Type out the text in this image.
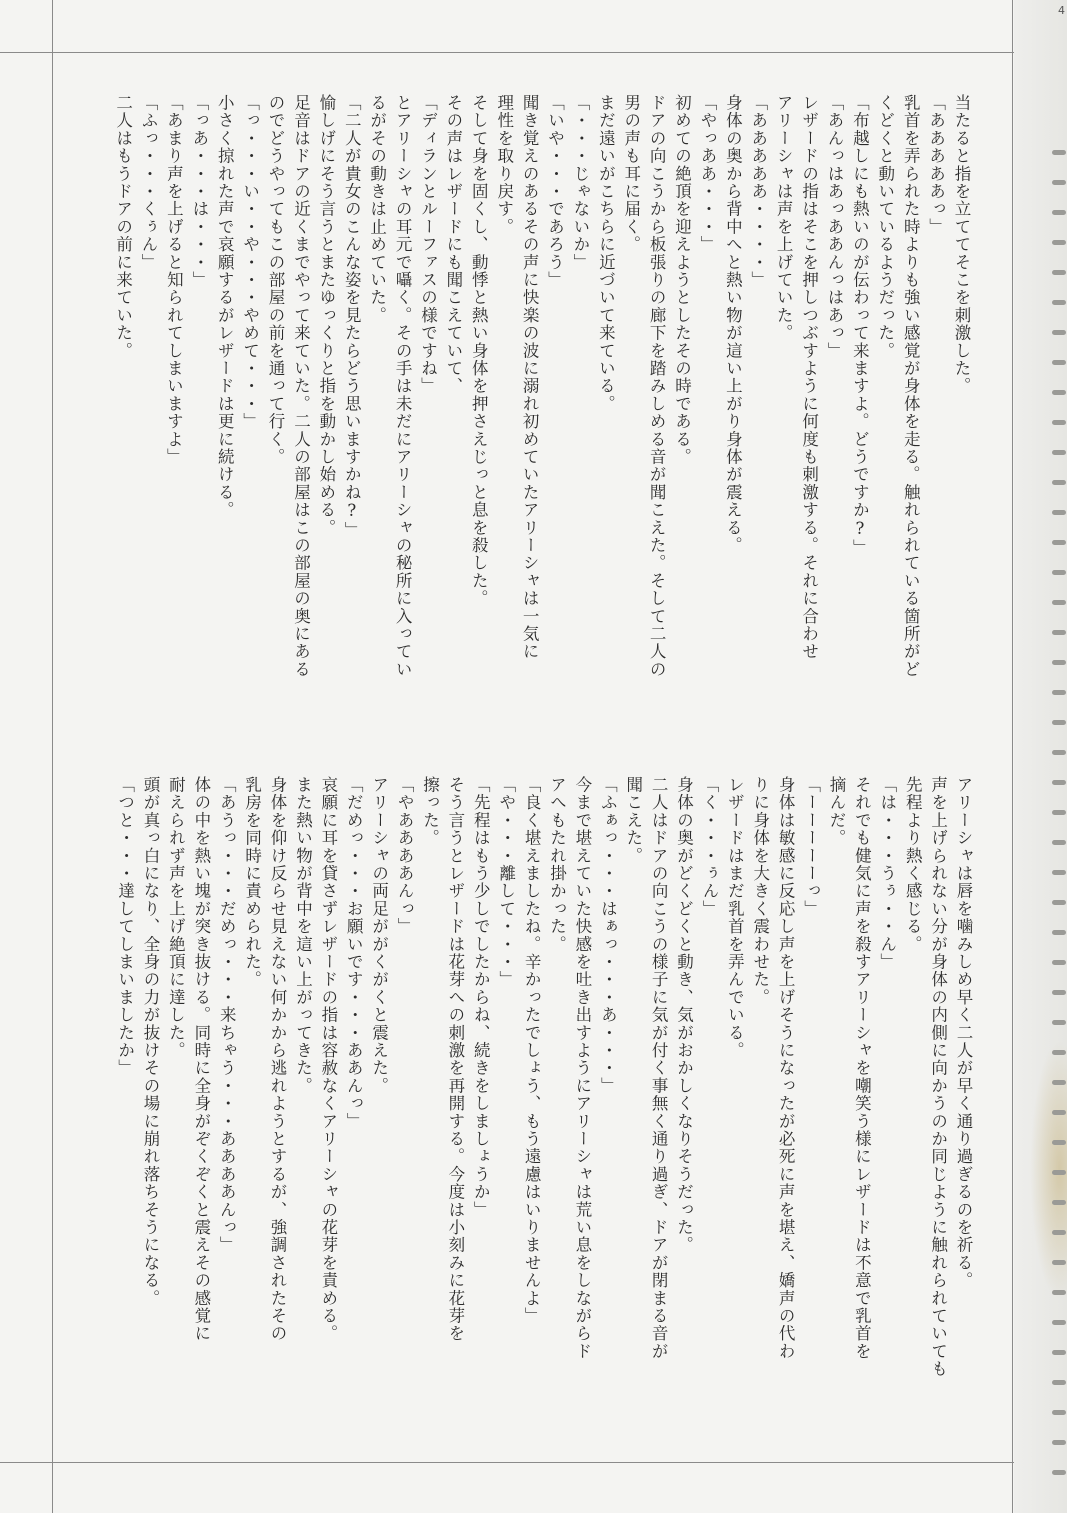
4
当たると指を立ててそこを刺激した。
「あああああっ」
乳首を弄られた時よりも強い感覚が身体を走る。触れられている箇所がど
くどくと動いているようだった。
「布越しにも熱いのが伝わって来ますよ。どうですか?」
「あんっはあっああんっはあっ」
レザードの指はそこを押しつぶすように何度も刺激する。それに合わせ
アリーシャは声を上げていた。
「あああああ・・・・」
身体の奥から背中へと熱い物が這い上がり身体が震える。
「やっああ・・・」
初めての絶頂を迎えようとしたその時である。
ドアの向こうから板張りの廊下を踏みしめる音が聞こえた。そして二人の
男の声も耳に届く。
まだ遠いがこちらに近づいて来ている。
「・・・じゃないか」
「いや・・・であろう」
聞き覚えのあるその声に快楽の波に溺れ初めていたアリーシャは一気に
理性を取り戻す。
そして身を固くし、動悸と熱い身体を押さえじっと息を殺した。
その声はレザードにも聞こえていて、
「ディランとルーファスの様ですね」
とアリーシャの耳元で囁く。その手は未だにアリーシャの秘所に入ってい
るがその動きは止めていた。
「二人が貴女のこんな姿を見たらどう思いますかね?」
愉しげにそう言うとまたゆっくりと指を動かし始める。
足音はドアの近くまでやって来ていた。二人の部屋はこの部屋の奥にある
のでどうやってもこの部屋の前を通って行く。
「っ・・・い・・や・・・やめて・・・」
小さく掠れた声で哀願するがレザードは更に続ける。
「っあ・・・は・・・」
「あまり声を上げると知られてしまいますよ」
「ふっ・・・くぅん」
二人はもうドアの前に来ていた。
アリーシャは唇を噛みしめ早く二人が早く通り過ぎるのを祈る。
声を上げられない分が身体の内側に向かうのか同じように触れられていても
先程より熱く感じる。
「は・・・うぅ・・ん」
それでも健気に声を殺すアリーシャを嘲笑う様にレザードは不意で乳首を
摘んだ。
「ーーーーーっ」
身体は敏感に反応し声を上げそうになったが必死に声を堪え、嬌声の代わ
りに身体を大きく震わせた。
レザードはまだ乳首を弄んでいる。
「く・・・ぅん」
身体の奥がどくどくと動き、気がおかしくなりそうだった。
二人はドアの向こうの様子に気が付く事無く通り過ぎ、ドアが閉まる音が
聞こえた。
「ふぁっ・・・はぁっ・・・あ・・・」
今まで堪えていた快感を吐き出すようにアリーシャは荒い息をしながらド
アへもたれ掛かった。
「良く堪えましたね。辛かったでしょう、もう遠慮はいりませんよ」
「や・・・離して・・・」
「先程はもう少しでしたからね、続きをしましょうか」
そう言うとレザードは花芽への刺激を再開する。今度は小刻みに花芽を
擦った。
「やああああんっ」
アリーシャの両足ががくがくと震えた。
「だめっ・・・お願いです・・・ああんっ」
哀願に耳を貸さずレザードの指は容赦なくアリーシャの花芽を責める。
また熱い物が背中を這い上がってきた。
身体を仰け反らせ見えない何かから逃れようとするが、強調されたその
乳房を同時に責められた。
「あうっ・・・だめっ・・・来ちゃう・・・ああああんっ」
体の中を熱い塊が突き抜ける。同時に全身がぞくぞくと震えその感覚に
耐えられず声を上げ絶頂に達した。
頭が真っ白になり、全身の力が抜けその場に崩れ落ちそうになる。
「つと・・・達してしまいましたか」
